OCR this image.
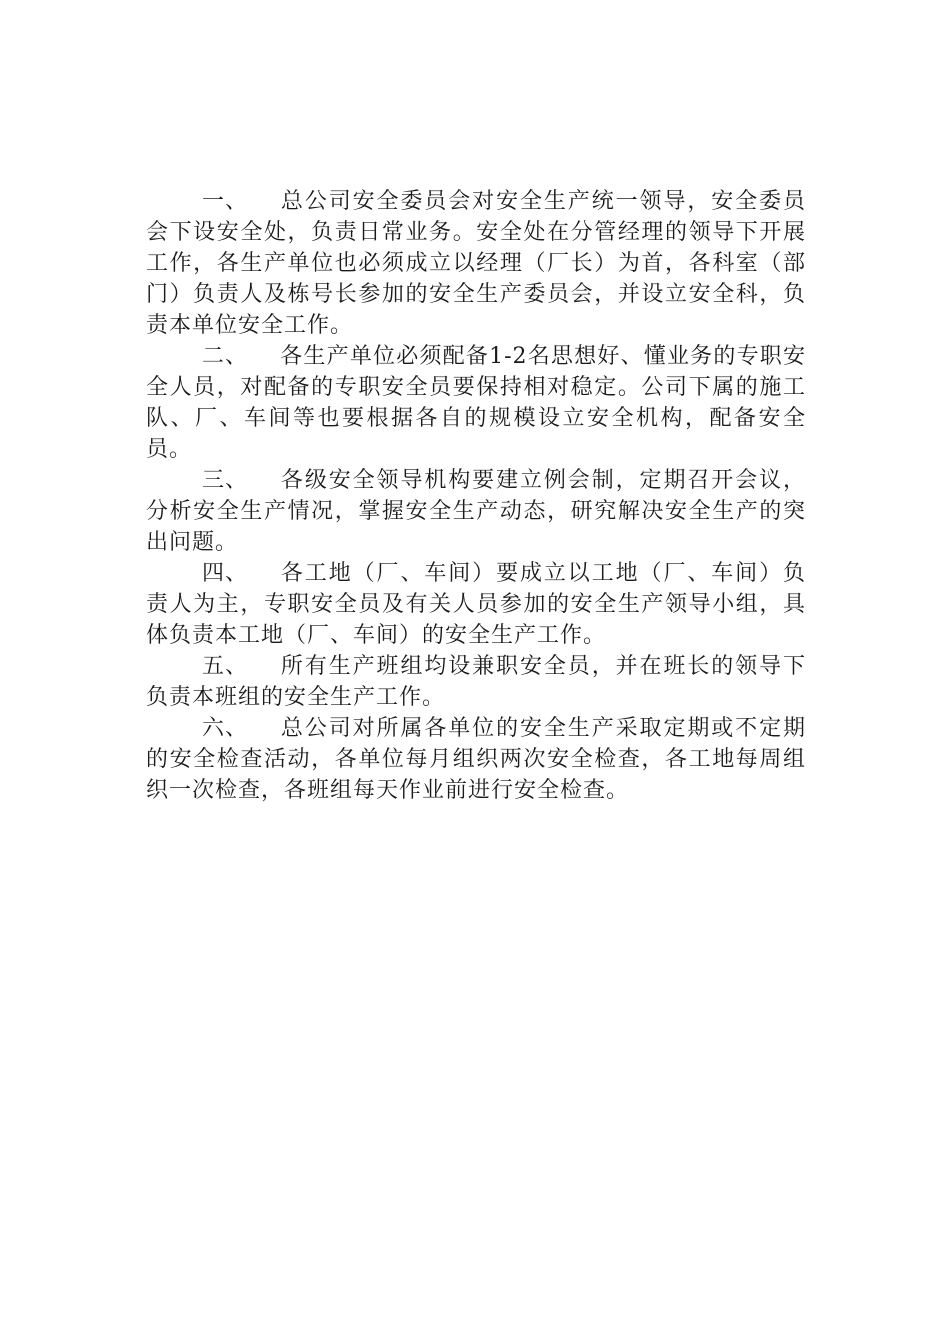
一、 总公司安全委员会对安全生产统一领导，安全委员会下设安全处，负责日常业务。安全处在分管经理的领导下开展工作，各生产单位也必须成立以经理（厂长）为首，各科室（部门）负责人及栋号长参加的安全生产委员会，并设立安全科，负责本单位安全工作。

二、 各生产单位必须配备1-2名思想好、懂业务的专职安全人员，对配备的专职安全员要保持相对稳定。公司下属的施工队、厂、车间等也要根据各自的规模设立安全机构，配备安全员。

三、 各级安全领导机构要建立例会制，定期召开会议，分析安全生产情况，掌握安全生产动态，研究解决安全生产的突出问题。

四、 各工地（厂、车间）要成立以工地（厂、车间）负责人为主，专职安全员及有关人员参加的安全生产领导小组，具体负责本工地（厂、车间）的安全生产工作。

五、 所有生产班组均设兼职安全员，并在班长的领导下负责本班组的安全生产工作。

六、 总公司对所属各单位的安全生产采取定期或不定期的安全检查活动，各单位每月组织两次安全检查，各工地每周组织一次检查，各班组每天作业前进行安全检查。
